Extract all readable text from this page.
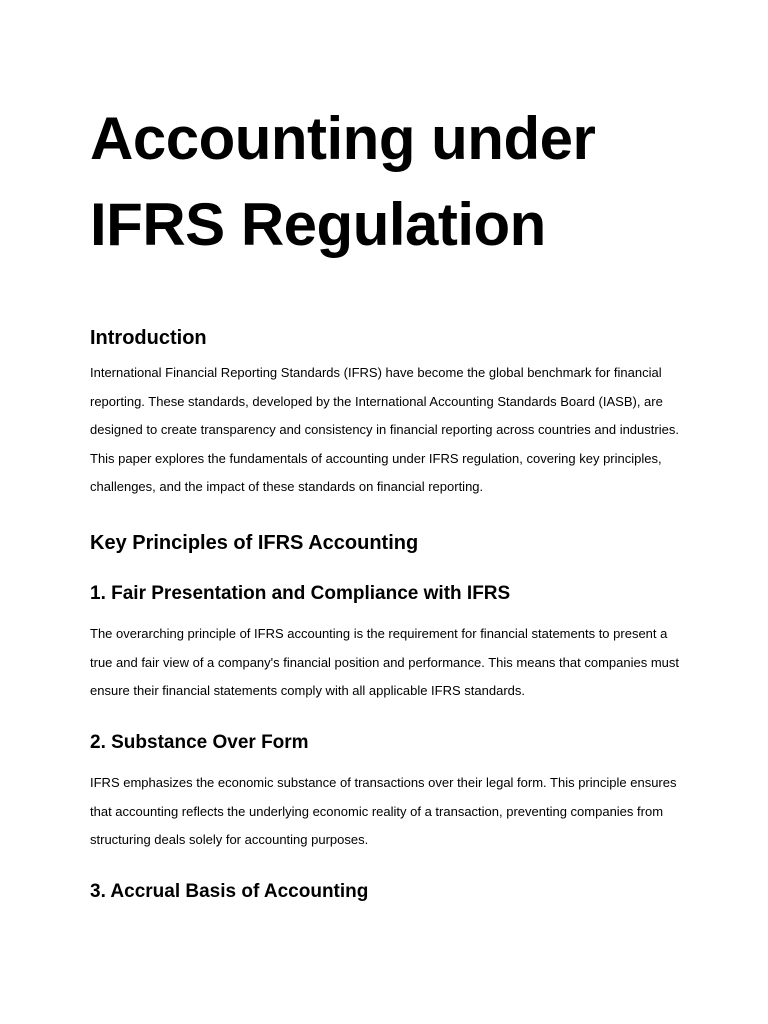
Accounting under IFRS Regulation
Introduction

International Financial Reporting Standards (IFRS) have become the global benchmark for financial reporting. These standards, developed by the International Accounting Standards Board (IASB), are designed to create transparency and consistency in financial reporting across countries and industries. This paper explores the fundamentals of accounting under IFRS regulation, covering key principles, challenges, and the impact of these standards on financial reporting.

Key Principles of IFRS Accounting
1. Fair Presentation and Compliance with IFRS

The overarching principle of IFRS accounting is the requirement for financial statements to present a true and fair view of a company's financial position and performance. This means that companies must ensure their financial statements comply with all applicable IFRS standards.

2. Substance Over Form

IFRS emphasizes the economic substance of transactions over their legal form. This principle ensures that accounting reflects the underlying economic reality of a transaction, preventing companies from structuring deals solely for accounting purposes.

3. Accrual Basis of Accounting
